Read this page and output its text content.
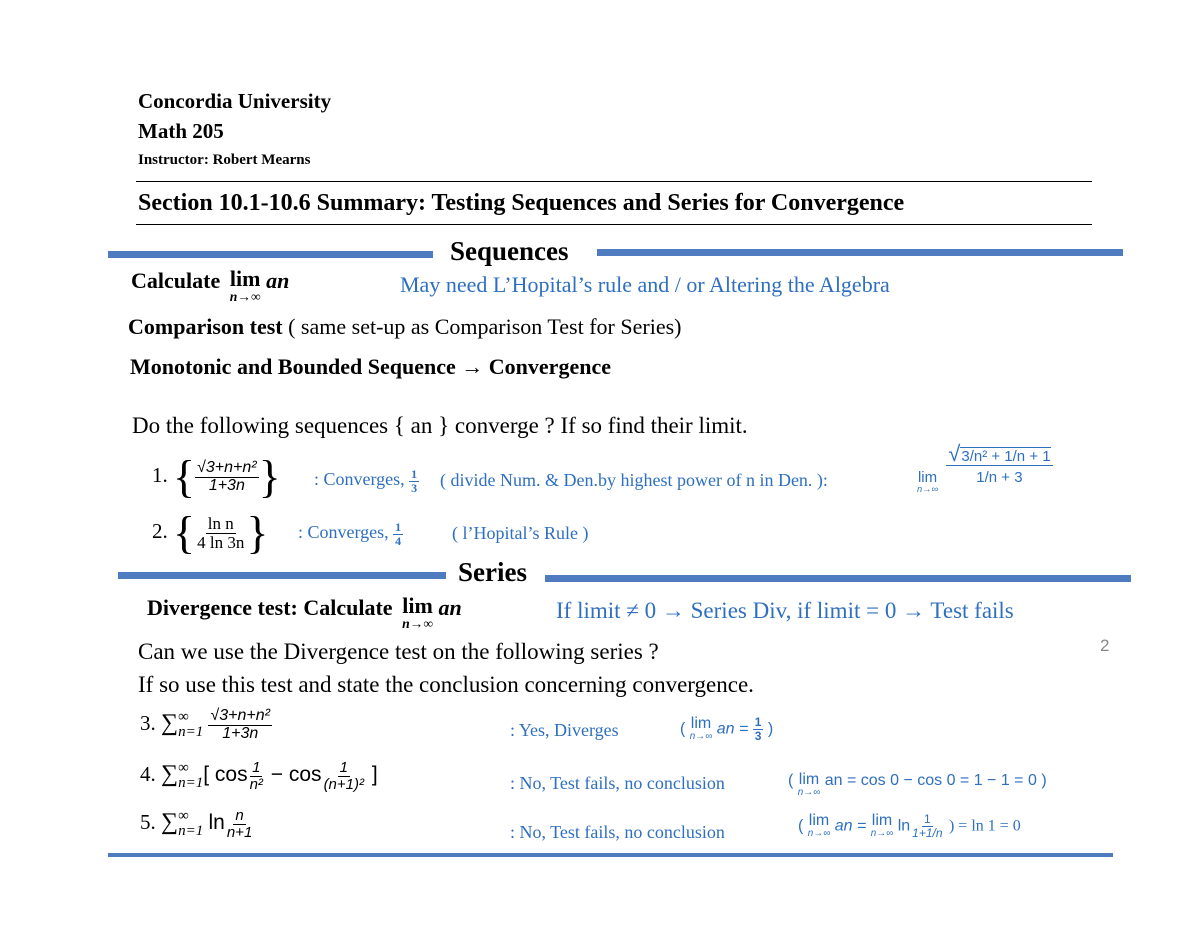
Concordia University
Math 205
Instructor: Robert Mearns
Section 10.1-10.6 Summary: Testing Sequences and Series for Convergence
Sequences
Calculate lim
n→∞
an	May need L’Hopital’s rule and / or Altering the Algebra
Comparison test ( same set-up as Comparison Test for Series)
Monotonic and Bounded Sequence → Convergence
Do the following sequences { an } converge ? If so find their limit.
1. { $\frac{\text{√3+n+n²}}{1+3n}$ } : Converges, $\frac{1}{3}$ ( divide Num. & Den.by highest power of n in Den. ):	lim
n→∞

$\frac{\text{√3/n² + 1/n + 1}}{1/n + 3}$
2. { $\frac{\text{ln n}}{4 \ln 3n}$ } : Converges, $\frac{1}{4}$	( l’Hopital’s Rule )
Series
Divergence test: Calculate lim
n→∞
an	If limit ≠ 0 → Series Div, if limit = 0 → Test fails
2
Can we use the Divergence test on the following series ?
If so use this test and state the conclusion concerning convergence.
3. ∑ ∞
n=1
$\frac{\text{√3+n+n²}}{1+3n}$	: Yes, Diverges	( lim
n→∞ an = $\frac{1}{3}$ )
4. ∑ ∞
n=1 [ $\cos \frac{1}{\text{n²}} - \cos \frac{1}{\text{(n+1)²}}$ ]	: No, Test fails, no conclusion	( lim
n→∞
an = cos 0 − cos 0 = 1 − 1 = 0 )
5. ∑ ∞
n=1 $\ln \frac{n}{n+1}$	: No, Test fails, no conclusion	( lim
n→∞ an = lim
n→∞ $\ln \frac{1}{1+1/n}$ ) = ln 1 = 0
